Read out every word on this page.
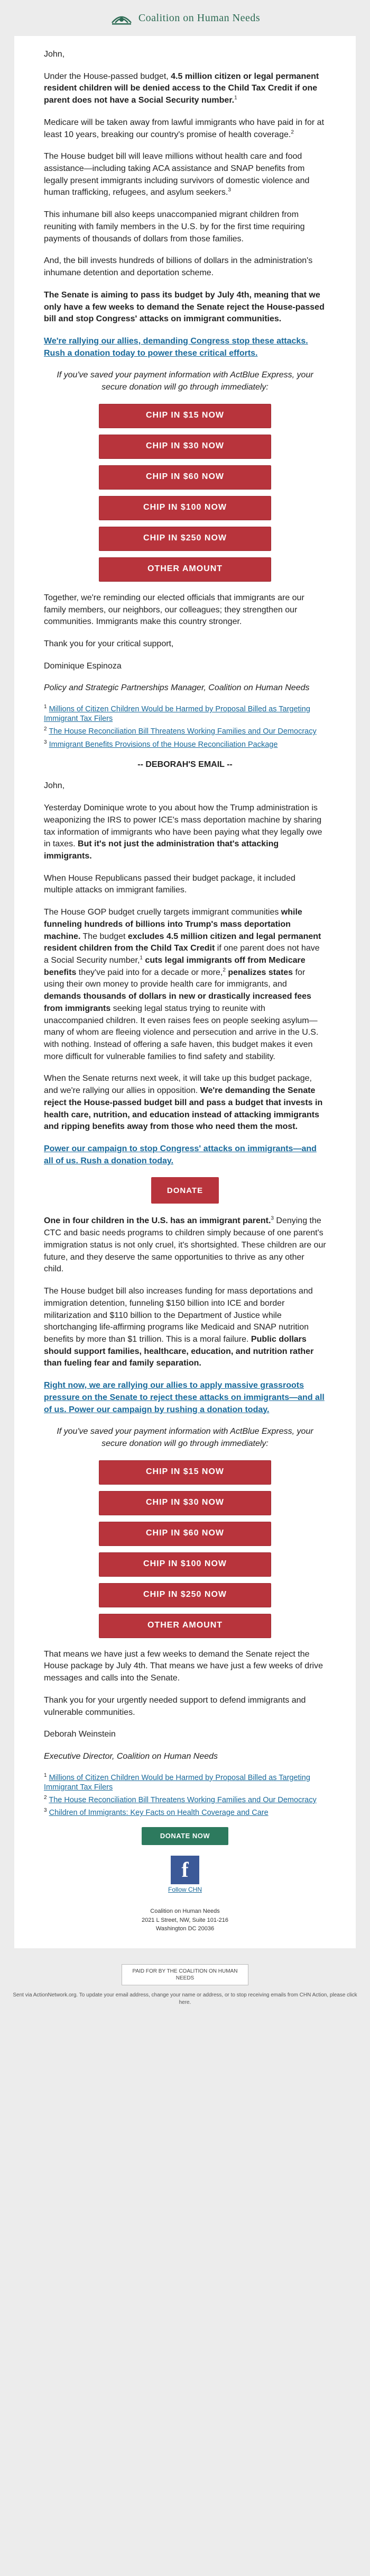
Coalition on Human Needs

John,

Under the House-passed budget, 4.5 million citizen or legal permanent resident children will be denied access to the Child Tax Credit if one parent does not have a Social Security number.$^1$

Medicare will be taken away from lawful immigrants who have paid in for at least 10 years, breaking our country's promise of health coverage.$^2$

The House budget bill will leave millions without health care and food assistance—including taking ACA assistance and SNAP benefits from legally present immigrants including survivors of domestic violence and human trafficking, refugees, and asylum seekers.$^3$

This inhumane bill also keeps unaccompanied migrant children from reuniting with family members in the U.S. by for the first time requiring payments of thousands of dollars from those families.

And, the bill invests hundreds of billions of dollars in the administration's inhumane detention and deportation scheme.

The Senate is aiming to pass its budget by July 4th, meaning that we only have a few weeks to demand the Senate reject the House-passed bill and stop Congress' attacks on immigrant communities.

We're rallying our allies, demanding Congress stop these attacks. Rush a donation today to power these critical efforts.

If you've saved your payment information with ActBlue Express, your secure donation will go through immediately:

CHIP IN $15 NOW
CHIP IN $30 NOW
CHIP IN $60 NOW
CHIP IN $100 NOW
CHIP IN $250 NOW
OTHER AMOUNT

Together, we're reminding our elected officials that immigrants are our family members, our neighbors, our colleagues; they strengthen our communities. Immigrants make this country stronger.

Thank you for your critical support,

Dominique Espinoza

Policy and Strategic Partnerships Manager, Coalition on Human Needs

$^1$ Millions of Citizen Children Would be Harmed by Proposal Billed as Targeting Immigrant Tax Filers
$^2$ The House Reconciliation Bill Threatens Working Families and Our Democracy
$^3$ Immigrant Benefits Provisions of the House Reconciliation Package
-- DEBORAH'S EMAIL --

John,

Yesterday Dominique wrote to you about how the Trump administration is weaponizing the IRS to power ICE's mass deportation machine by sharing tax information of immigrants who have been paying what they legally owe in taxes. But it's not just the administration that's attacking immigrants.

When House Republicans passed their budget package, it included multiple attacks on immigrant families.

The House GOP budget cruelly targets immigrant communities while funneling hundreds of billions into Trump's mass deportation machine. The budget excludes 4.5 million citizen and legal permanent resident children from the Child Tax Credit if one parent does not have a Social Security number,$^1$ cuts legal immigrants off from Medicare benefits they've paid into for a decade or more,$^2$ penalizes states for using their own money to provide health care for immigrants, and demands thousands of dollars in new or drastically increased fees from immigrants seeking legal status trying to reunite with unaccompanied children. It even raises fees on people seeking asylum—many of whom are fleeing violence and persecution and arrive in the U.S. with nothing. Instead of offering a safe haven, this budget makes it even more difficult for vulnerable families to find safety and stability.

When the Senate returns next week, it will take up this budget package, and we're rallying our allies in opposition. We're demanding the Senate reject the House-passed budget bill and pass a budget that invests in health care, nutrition, and education instead of attacking immigrants and ripping benefits away from those who need them the most.

Power our campaign to stop Congress' attacks on immigrants—and all of us. Rush a donation today.

DONATE

One in four children in the U.S. has an immigrant parent.$^3$ Denying the CTC and basic needs programs to children simply because of one parent's immigration status is not only cruel, it's shortsighted. These children are our future, and they deserve the same opportunities to thrive as any other child.

The House budget bill also increases funding for mass deportations and immigration detention, funneling $150 billion into ICE and border militarization and $110 billion to the Department of Justice while shortchanging life-affirming programs like Medicaid and SNAP nutrition benefits by more than $1 trillion. This is a moral failure. Public dollars should support families, healthcare, education, and nutrition rather than fueling fear and family separation.

Right now, we are rallying our allies to apply massive grassroots pressure on the Senate to reject these attacks on immigrants—and all of us. Power our campaign by rushing a donation today.

If you've saved your payment information with ActBlue Express, your secure donation will go through immediately:

CHIP IN $15 NOW
CHIP IN $30 NOW
CHIP IN $60 NOW
CHIP IN $100 NOW
CHIP IN $250 NOW
OTHER AMOUNT

That means we have just a few weeks to demand the Senate reject the House package by July 4th. That means we have just a few weeks of drive messages and calls into the Senate.

Thank you for your urgently needed support to defend immigrants and vulnerable communities.

Deborah Weinstein

Executive Director, Coalition on Human Needs

$^1$ Millions of Citizen Children Would be Harmed by Proposal Billed as Targeting Immigrant Tax Filers
$^2$ The House Reconciliation Bill Threatens Working Families and Our Democracy
$^3$ Children of Immigrants: Key Facts on Health Coverage and Care
DONATE NOW
f
Follow CHN
Coalition on Human Needs
2021 L Street, NW, Suite 101-216
Washington DC 20036
PAID FOR BY THE COALITION ON HUMAN NEEDS
Sent via ActionNetwork.org. To update your email address, change your name or address, or to stop receiving emails from CHN Action, please click here.
